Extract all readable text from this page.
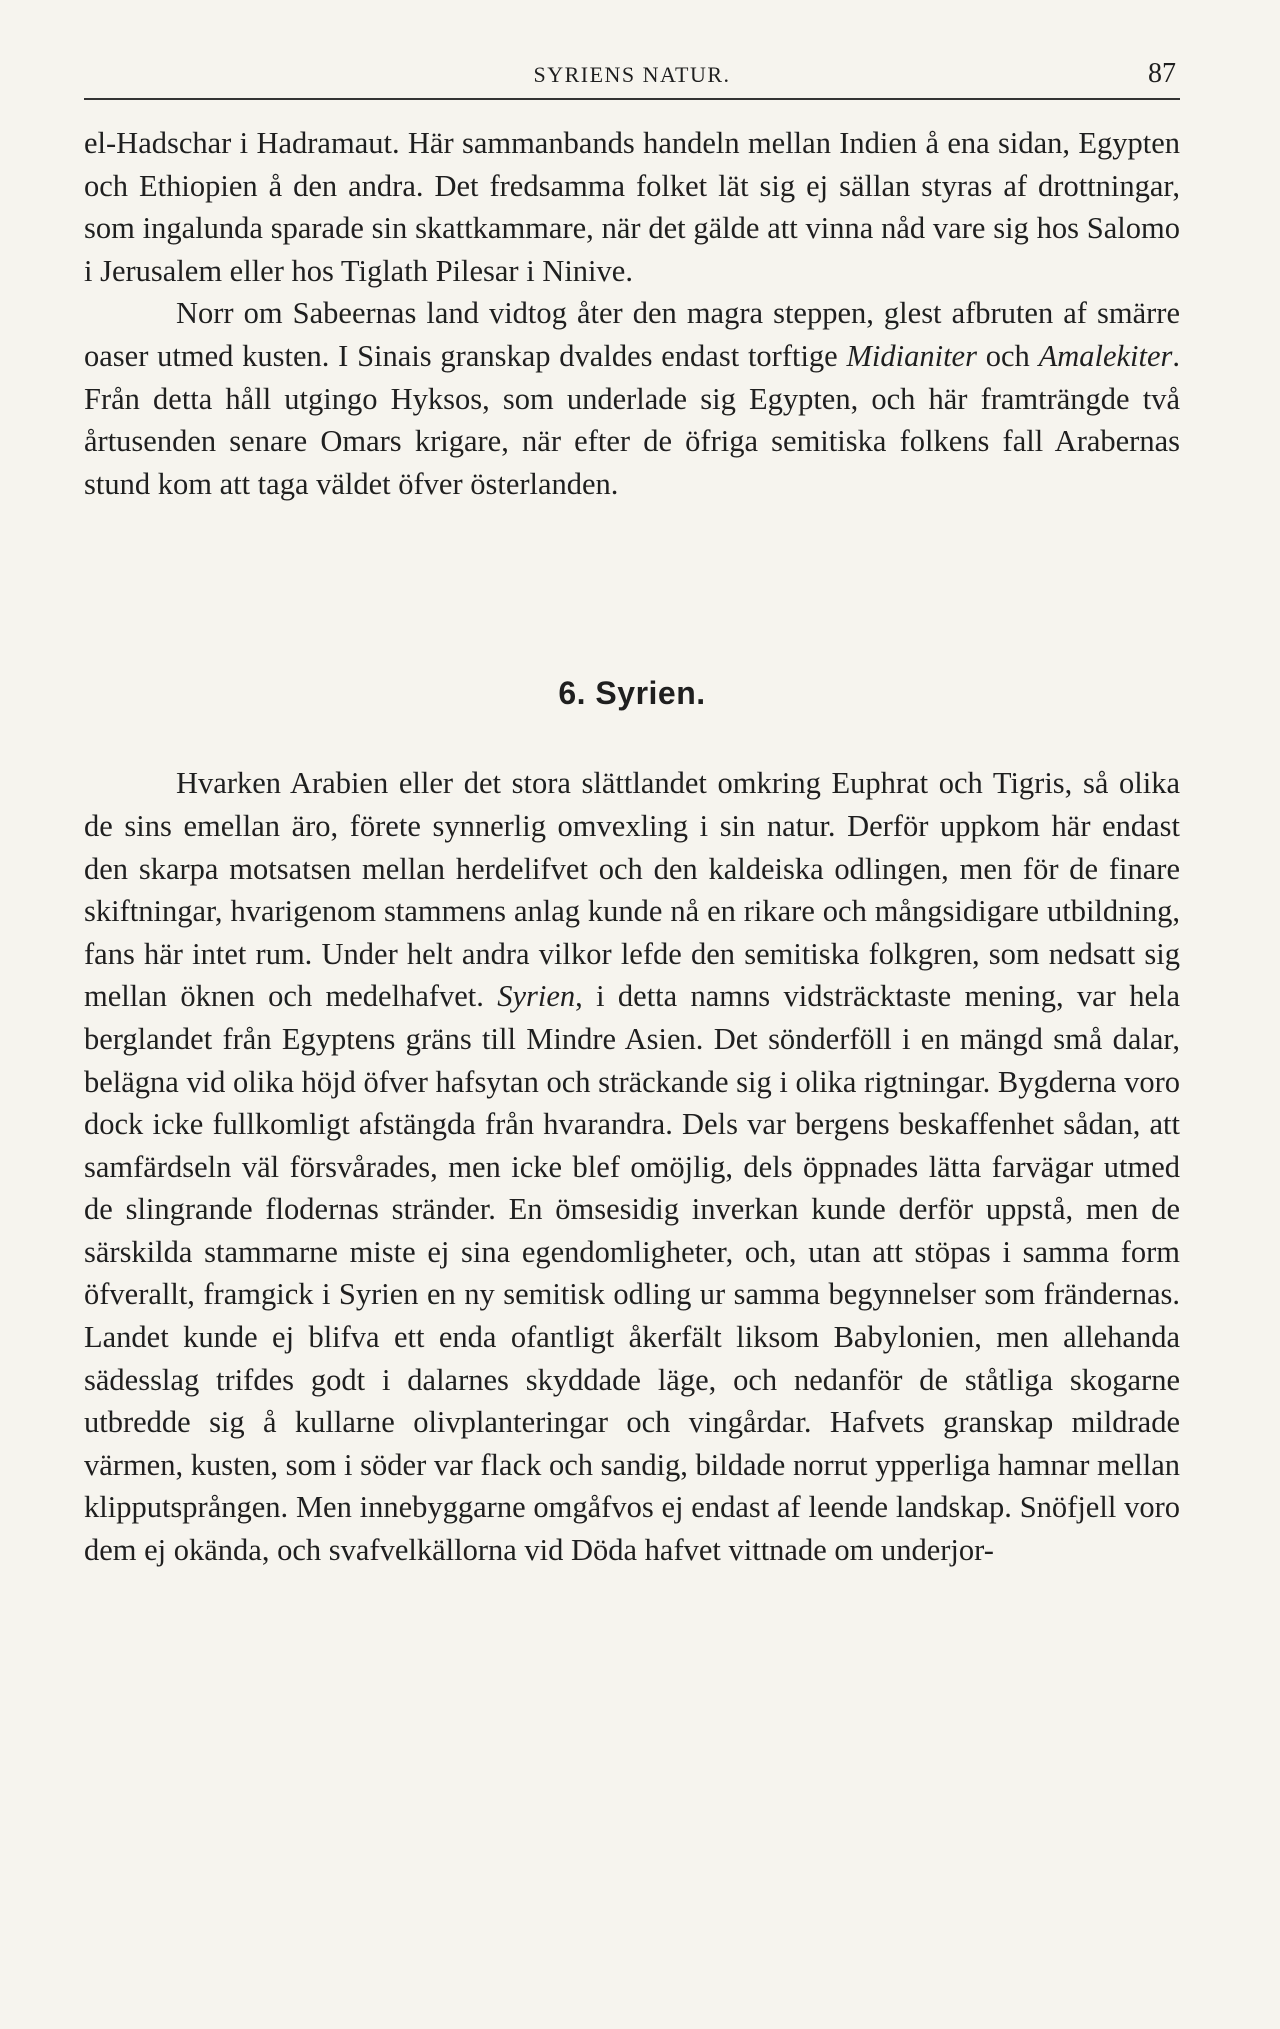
SYRIENS NATUR.	87

el-Hadschar i Hadramaut. Här sammanbands handeln mellan Indien å ena sidan, Egypten och Ethiopien å den andra. Det fredsamma folket lät sig ej sällan styras af drottningar, som ingalunda sparade sin skattkammare, när det gälde att vinna nåd vare sig hos Salomo i Jerusalem eller hos Tiglath Pilesar i Ninive.

Norr om Sabeernas land vidtog åter den magra steppen, glest afbruten af smärre oaser utmed kusten. I Sinais granskap dvaldes endast torftige Midianiter och Amalekiter. Från detta håll utgingo Hyksos, som underlade sig Egypten, och här framträngde två årtusenden senare Omars krigare, när efter de öfriga semitiska folkens fall Arabernas stund kom att taga väldet öfver österlanden.

6. Syrien.

Hvarken Arabien eller det stora slättlandet omkring Euphrat och Tigris, så olika de sins emellan äro, förete synnerlig omvexling i sin natur. Derför uppkom här endast den skarpa motsatsen mellan herdelifvet och den kaldeiska odlingen, men för de finare skiftningar, hvarigenom stammens anlag kunde nå en rikare och mångsidigare utbildning, fans här intet rum. Under helt andra vilkor lefde den semitiska folkgren, som nedsatt sig mellan öknen och medelhafvet. Syrien, i detta namns vidsträcktaste mening, var hela berglandet från Egyptens gräns till Mindre Asien. Det sönderföll i en mängd små dalar, belägna vid olika höjd öfver hafsytan och sträckande sig i olika rigtningar. Bygderna voro dock icke fullkomligt afstängda från hvarandra. Dels var bergens beskaffenhet sådan, att samfärdseln väl försvårades, men icke blef omöjlig, dels öppnades lätta farvägar utmed de slingrande flodernas stränder. En ömsesidig inverkan kunde derför uppstå, men de särskilda stammarne miste ej sina egendomligheter, och, utan att stöpas i samma form öfverallt, framgick i Syrien en ny semitisk odling ur samma begynnelser som frändernas. Landet kunde ej blifva ett enda ofantligt åkerfält liksom Babylonien, men allehanda sädesslag trifdes godt i dalarnes skyddade läge, och nedanför de ståtliga skogarne utbredde sig å kullarne olivplanteringar och vingårdar. Hafvets granskap mildrade värmen, kusten, som i söder var flack och sandig, bildade norrut ypperliga hamnar mellan klipputsprången. Men innebyggarne omgåfvos ej endast af leende landskap. Snöfjell voro dem ej okända, och svafvelkällorna vid Döda hafvet vittnade om underjor-
